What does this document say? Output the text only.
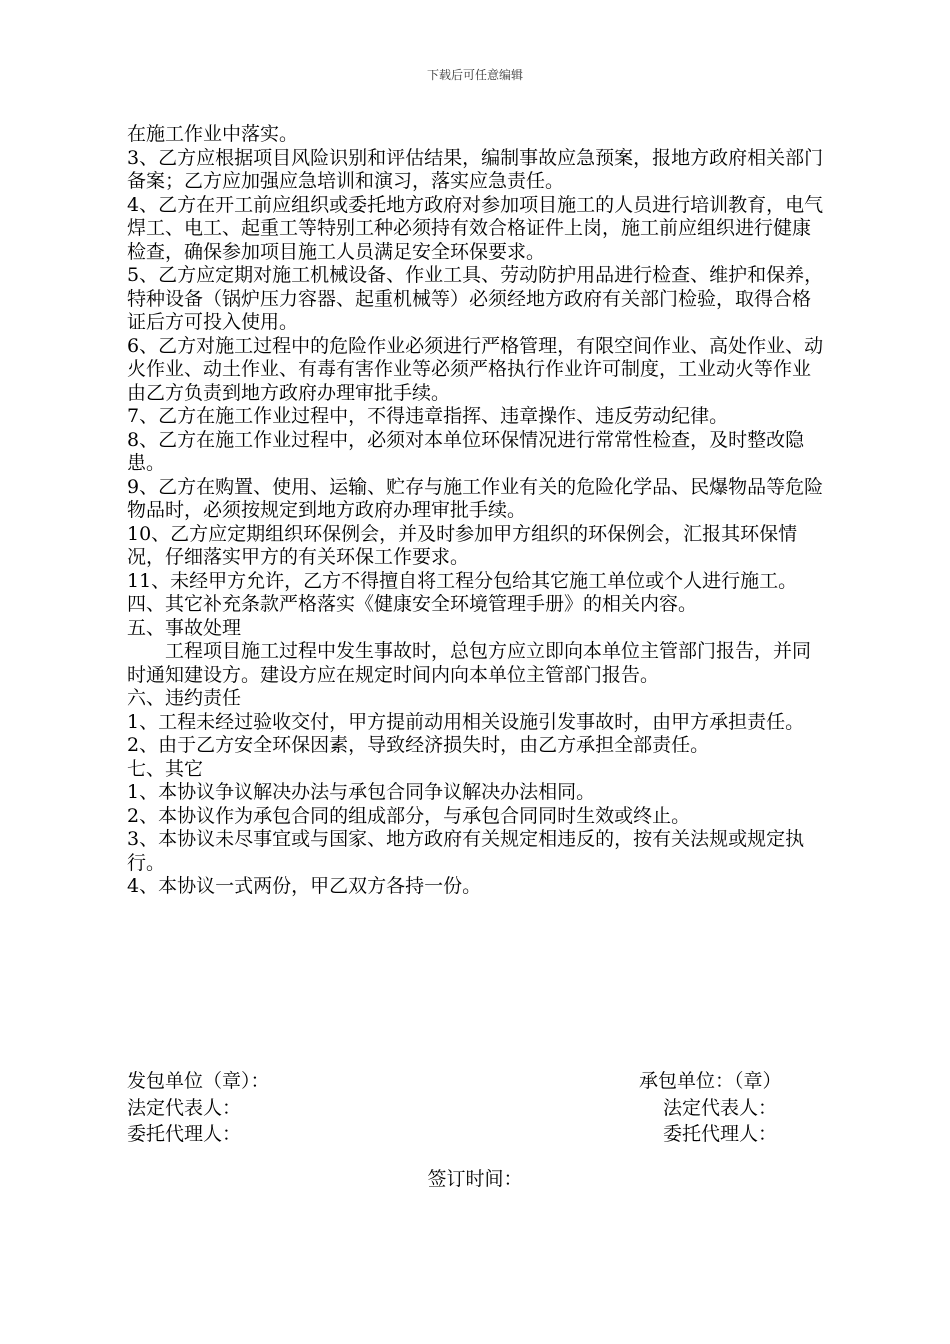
下载后可任意编辑

在施工作业中落实。

3、乙方应根据项目风险识别和评估结果，编制事故应急预案，报地方政府相关部门备案；乙方应加强应急培训和演习，落实应急责任。

4、乙方在开工前应组织或委托地方政府对参加项目施工的人员进行培训教育，电气焊工、电工、起重工等特别工种必须持有效合格证件上岗，施工前应组织进行健康检查，确保参加项目施工人员满足安全环保要求。

5、乙方应定期对施工机械设备、作业工具、劳动防护用品进行检查、维护和保养，特种设备（锅炉压力容器、起重机械等）必须经地方政府有关部门检验，取得合格证后方可投入使用。

6、乙方对施工过程中的危险作业必须进行严格管理，有限空间作业、高处作业、动火作业、动土作业、有毒有害作业等必须严格执行作业许可制度，工业动火等作业由乙方负责到地方政府办理审批手续。

7、乙方在施工作业过程中，不得违章指挥、违章操作、违反劳动纪律。

8、乙方在施工作业过程中，必须对本单位环保情况进行常常性检查，及时整改隐患。

9、乙方在购置、使用、运输、贮存与施工作业有关的危险化学品、民爆物品等危险物品时，必须按规定到地方政府办理审批手续。

10、乙方应定期组织环保例会，并及时参加甲方组织的环保例会，汇报其环保情况，仔细落实甲方的有关环保工作要求。

11、未经甲方允许，乙方不得擅自将工程分包给其它施工单位或个人进行施工。

四、其它补充条款严格落实《健康安全环境管理手册》的相关内容。

五、事故处理

工程项目施工过程中发生事故时，总包方应立即向本单位主管部门报告，并同时通知建设方。建设方应在规定时间内向本单位主管部门报告。

六、违约责任

1、工程未经过验收交付，甲方提前动用相关设施引发事故时，由甲方承担责任。

2、由于乙方安全环保因素，导致经济损失时，由乙方承担全部责任。

七、其它

1、本协议争议解决办法与承包合同争议解决办法相同。

2、本协议作为承包合同的组成部分，与承包合同同时生效或终止。

3、本协议未尽事宜或与国家、地方政府有关规定相违反的，按有关法规或规定执行。

4、本协议一式两份，甲乙双方各持一份。

发包单位（章）：	承包单位：（章）
法定代表人：	法定代表人：
委托代理人：	委托代理人：
签订时间：
